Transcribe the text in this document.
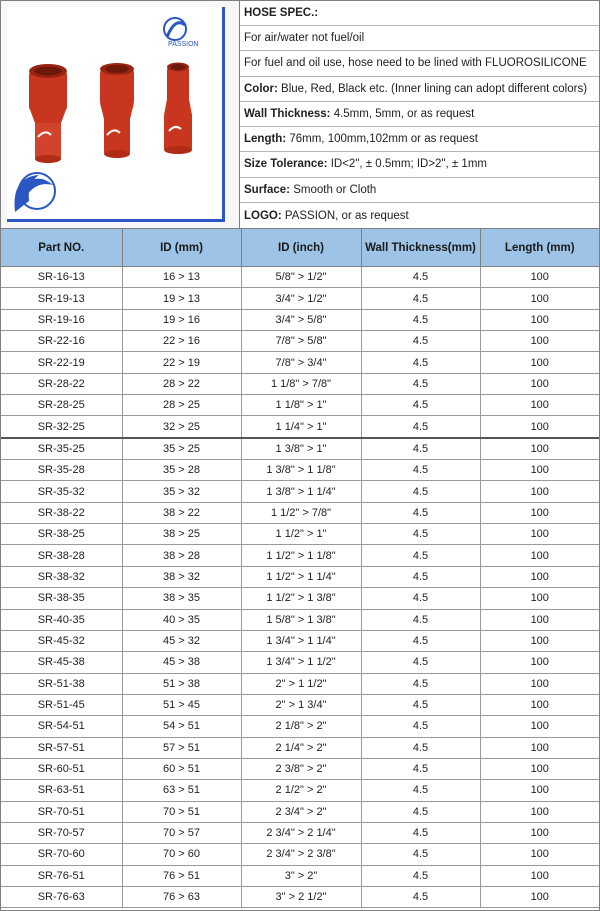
PASSION
HOSE SPEC.:
For air/water not fuel/oil
For fuel and oil use, hose need to be lined with FLUOROSILICONE
Color: Blue, Red, Black etc. (Inner lining can adopt different colors)
Wall Thickness: 4.5mm, 5mm, or as request
Length: 76mm, 100mm,102mm or as request
Size Tolerance: ID<2", ± 0.5mm; ID>2", ± 1mm
Surface: Smooth or Cloth
LOGO: PASSION, or as request
Part NO.	ID (mm)	ID (inch)	Wall Thickness(mm)	Length (mm)
SR-16-13	16 > 13	5/8" > 1/2"	4.5	100
SR-19-13	19 > 13	3/4" > 1/2"	4.5	100
SR-19-16	19 > 16	3/4" > 5/8"	4.5	100
SR-22-16	22 > 16	7/8" > 5/8"	4.5	100
SR-22-19	22 > 19	7/8" > 3/4"	4.5	100
SR-28-22	28 > 22	1 1/8" > 7/8"	4.5	100
SR-28-25	28 > 25	1 1/8" > 1"	4.5	100
SR-32-25	32 > 25	1 1/4" > 1"	4.5	100
SR-35-25	35 > 25	1 3/8" > 1"	4.5	100
SR-35-28	35 > 28	1 3/8" > 1 1/8"	4.5	100
SR-35-32	35 > 32	1 3/8" > 1 1/4"	4.5	100
SR-38-22	38 > 22	1 1/2" > 7/8"	4.5	100
SR-38-25	38 > 25	1 1/2" > 1"	4.5	100
SR-38-28	38 > 28	1 1/2" > 1 1/8"	4.5	100
SR-38-32	38 > 32	1 1/2" > 1 1/4"	4.5	100
SR-38-35	38 > 35	1 1/2" > 1 3/8"	4.5	100
SR-40-35	40 > 35	1 5/8" > 1 3/8"	4.5	100
SR-45-32	45 > 32	1 3/4" > 1 1/4"	4.5	100
SR-45-38	45 > 38	1 3/4" > 1 1/2"	4.5	100
SR-51-38	51 > 38	2" > 1 1/2"	4.5	100
SR-51-45	51 > 45	2" > 1 3/4"	4.5	100
SR-54-51	54 > 51	2 1/8" > 2"	4.5	100
SR-57-51	57 > 51	2 1/4" > 2"	4.5	100
SR-60-51	60 > 51	2 3/8" > 2"	4.5	100
SR-63-51	63 > 51	2 1/2" > 2"	4.5	100
SR-70-51	70 > 51	2 3/4" > 2"	4.5	100
SR-70-57	70 > 57	2 3/4" > 2 1/4"	4.5	100
SR-70-60	70 > 60	2 3/4" > 2 3/8"	4.5	100
SR-76-51	76 > 51	3" > 2"	4.5	100
SR-76-63	76 > 63	3" > 2 1/2"	4.5	100
